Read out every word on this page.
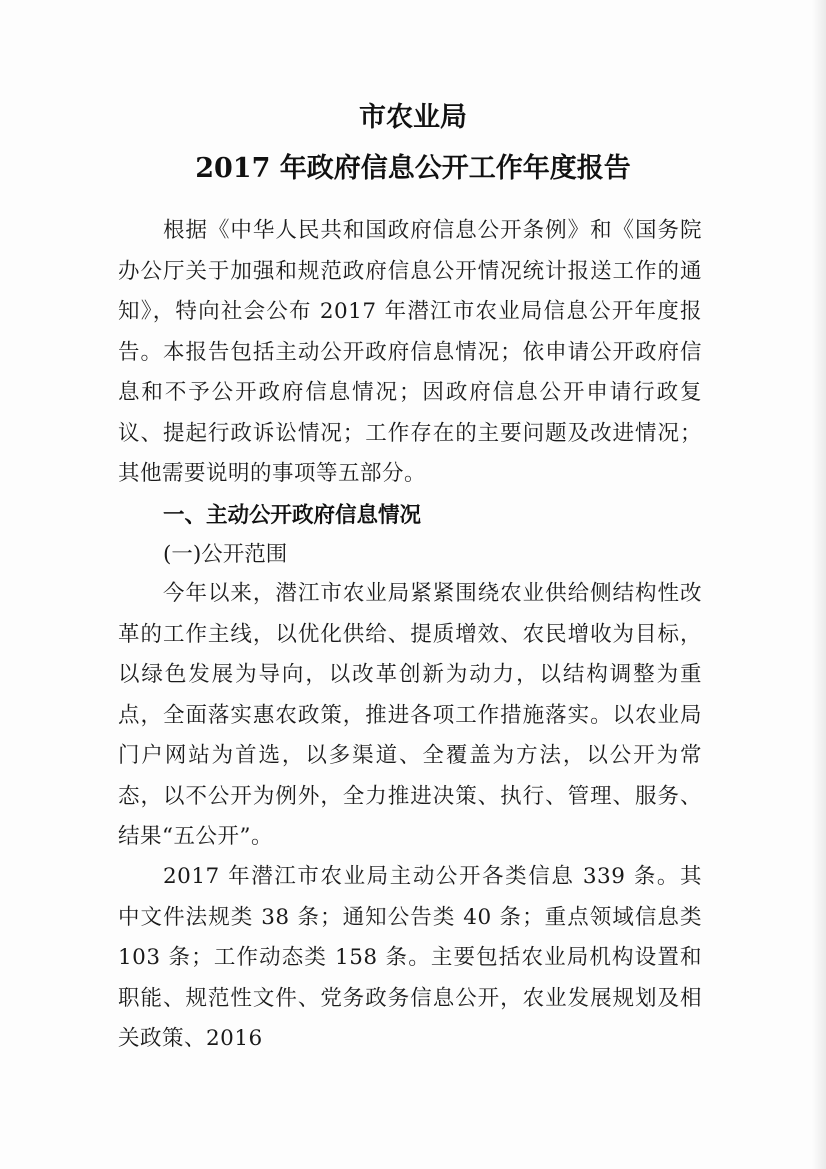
市农业局
2017 年政府信息公开工作年度报告

根据《中华人民共和国政府信息公开条例》和《国务院办公厅关于加强和规范政府信息公开情况统计报送工作的通知》，特向社会公布 2017 年潜江市农业局信息公开年度报告。本报告包括主动公开政府信息情况；依申请公开政府信息和不予公开政府信息情况；因政府信息公开申请行政复议、提起行政诉讼情况；工作存在的主要问题及改进情况；其他需要说明的事项等五部分。

一、主动公开政府信息情况
(一)公开范围

今年以来，潜江市农业局紧紧围绕农业供给侧结构性改革的工作主线，以优化供给、提质增效、农民增收为目标，以绿色发展为导向，以改革创新为动力，以结构调整为重点，全面落实惠农政策，推进各项工作措施落实。以农业局门户网站为首选，以多渠道、全覆盖为方法，以公开为常态，以不公开为例外，全力推进决策、执行、管理、服务、结果“五公开”。

2017 年潜江市农业局主动公开各类信息 339 条。其中文件法规类 38 条；通知公告类 40 条；重点领域信息类 103 条；工作动态类 158 条。主要包括农业局机构设置和职能、规范性文件、党务政务信息公开，农业发展规划及相关政策、2016
